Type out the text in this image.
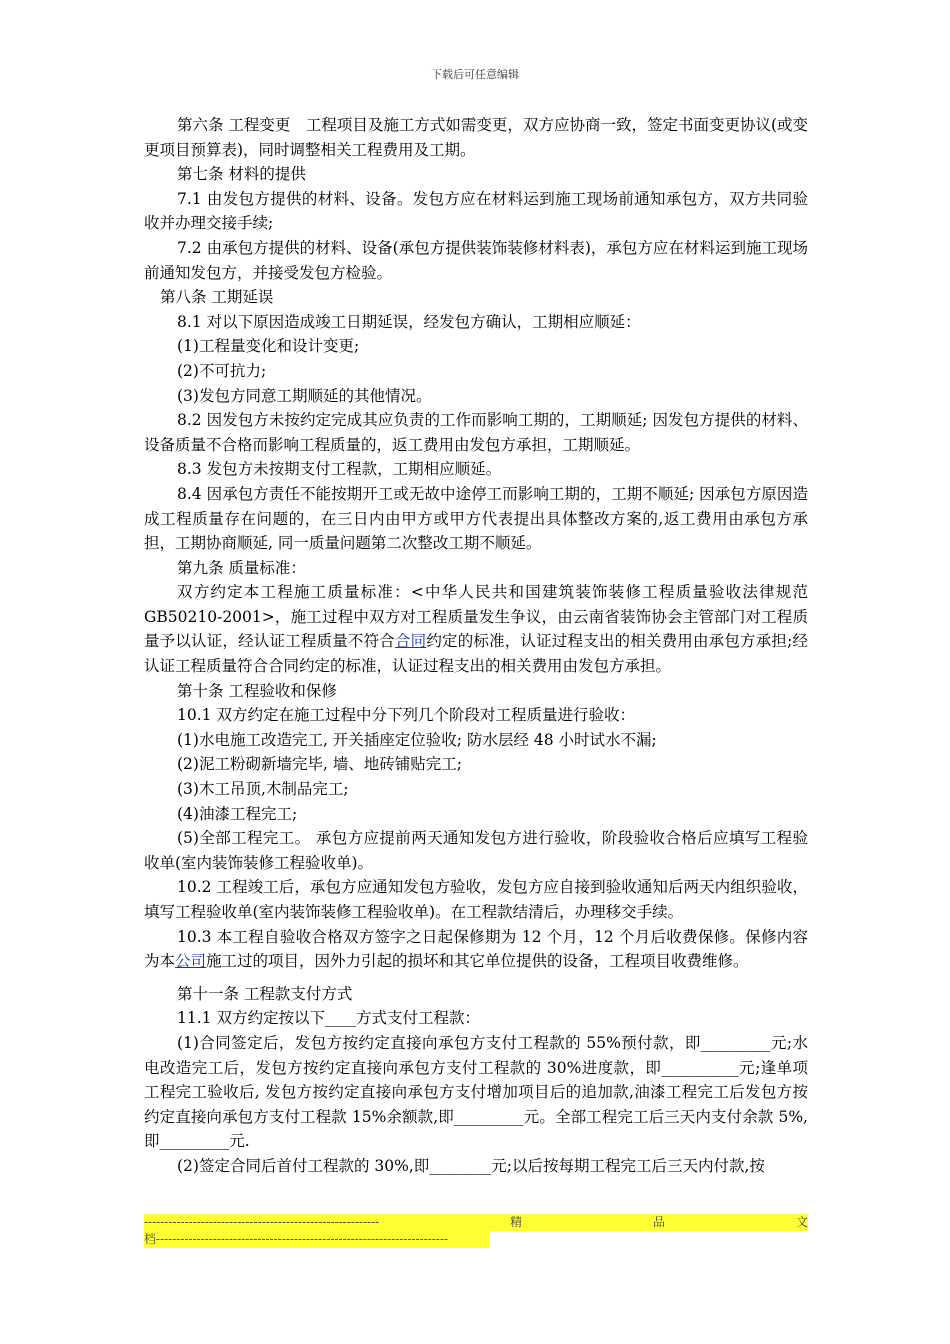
下载后可任意编辑

第六条 工程变更　工程项目及施工方式如需变更，双方应协商一致，签定书面变更协议(或变更项目预算表)，同时调整相关工程费用及工期。

第七条 材料的提供

7.1 由发包方提供的材料、设备。发包方应在材料运到施工现场前通知承包方，双方共同验收并办理交接手续;

7.2 由承包方提供的材料、设备(承包方提供装饰装修材料表)，承包方应在材料运到施工现场前通知发包方，并接受发包方检验。

第八条 工期延误

8.1 对以下原因造成竣工日期延误，经发包方确认，工期相应顺延：

(1)工程量变化和设计变更;

(2)不可抗力;

(3)发包方同意工期顺延的其他情况。

8.2 因发包方未按约定完成其应负责的工作而影响工期的，工期顺延; 因发包方提供的材料、设备质量不合格而影响工程质量的，返工费用由发包方承担，工期顺延。

8.3 发包方未按期支付工程款，工期相应顺延。

8.4 因承包方责任不能按期开工或无故中途停工而影响工期的，工期不顺延; 因承包方原因造成工程质量存在问题的，在三日内由甲方或甲方代表提出具体整改方案的,返工费用由承包方承担，工期协商顺延, 同一质量问题第二次整改工期不顺延。

第九条 质量标准：

双方约定本工程施工质量标准：<中华人民共和国建筑装饰装修工程质量验收法律规范 GB50210-2001>，施工过程中双方对工程质量发生争议，由云南省装饰协会主管部门对工程质量予以认证，经认证工程质量不符合合同约定的标准，认证过程支出的相关费用由承包方承担;经认证工程质量符合合同约定的标准，认证过程支出的相关费用由发包方承担。

第十条 工程验收和保修

10.1 双方约定在施工过程中分下列几个阶段对工程质量进行验收：

(1)水电施工改造完工, 开关插座定位验收; 防水层经 48 小时试水不漏;

(2)泥工粉砌新墙完毕, 墙、地砖铺贴完工;

(3)木工吊顶,木制品完工;

(4)油漆工程完工;

(5)全部工程完工。 承包方应提前两天通知发包方进行验收，阶段验收合格后应填写工程验收单(室内装饰装修工程验收单)。

10.2 工程竣工后，承包方应通知发包方验收，发包方应自接到验收通知后两天内组织验收，填写工程验收单(室内装饰装修工程验收单)。在工程款结清后，办理移交手续。

10.3 本工程自验收合格双方签字之日起保修期为 12 个月，12 个月后收费保修。保修内容为本公司施工过的项目，因外力引起的损坏和其它单位提供的设备，工程项目收费维修。

第十一条 工程款支付方式

11.1 双方约定按以下____方式支付工程款：

(1)合同签定后，发包方按约定直接向承包方支付工程款的 55%预付款，即_________元;水电改造完工后，发包方按约定直接向承包方支付工程款的 30%进度款，即__________元;逢单项工程完工验收后, 发包方按约定直接向承包方支付增加项目后的追加款,油漆工程完工后发包方按约定直接向承包方支付工程款 15%余额款,即_________元。全部工程完工后三天内支付余款 5%,即_________元.

(2)签定合同后首付工程款的 30%,即________元;以后按每期工程完工后三天内付款,按

----------------------------------------------------------	精	品	文
档------------------------------------------------------------------------
